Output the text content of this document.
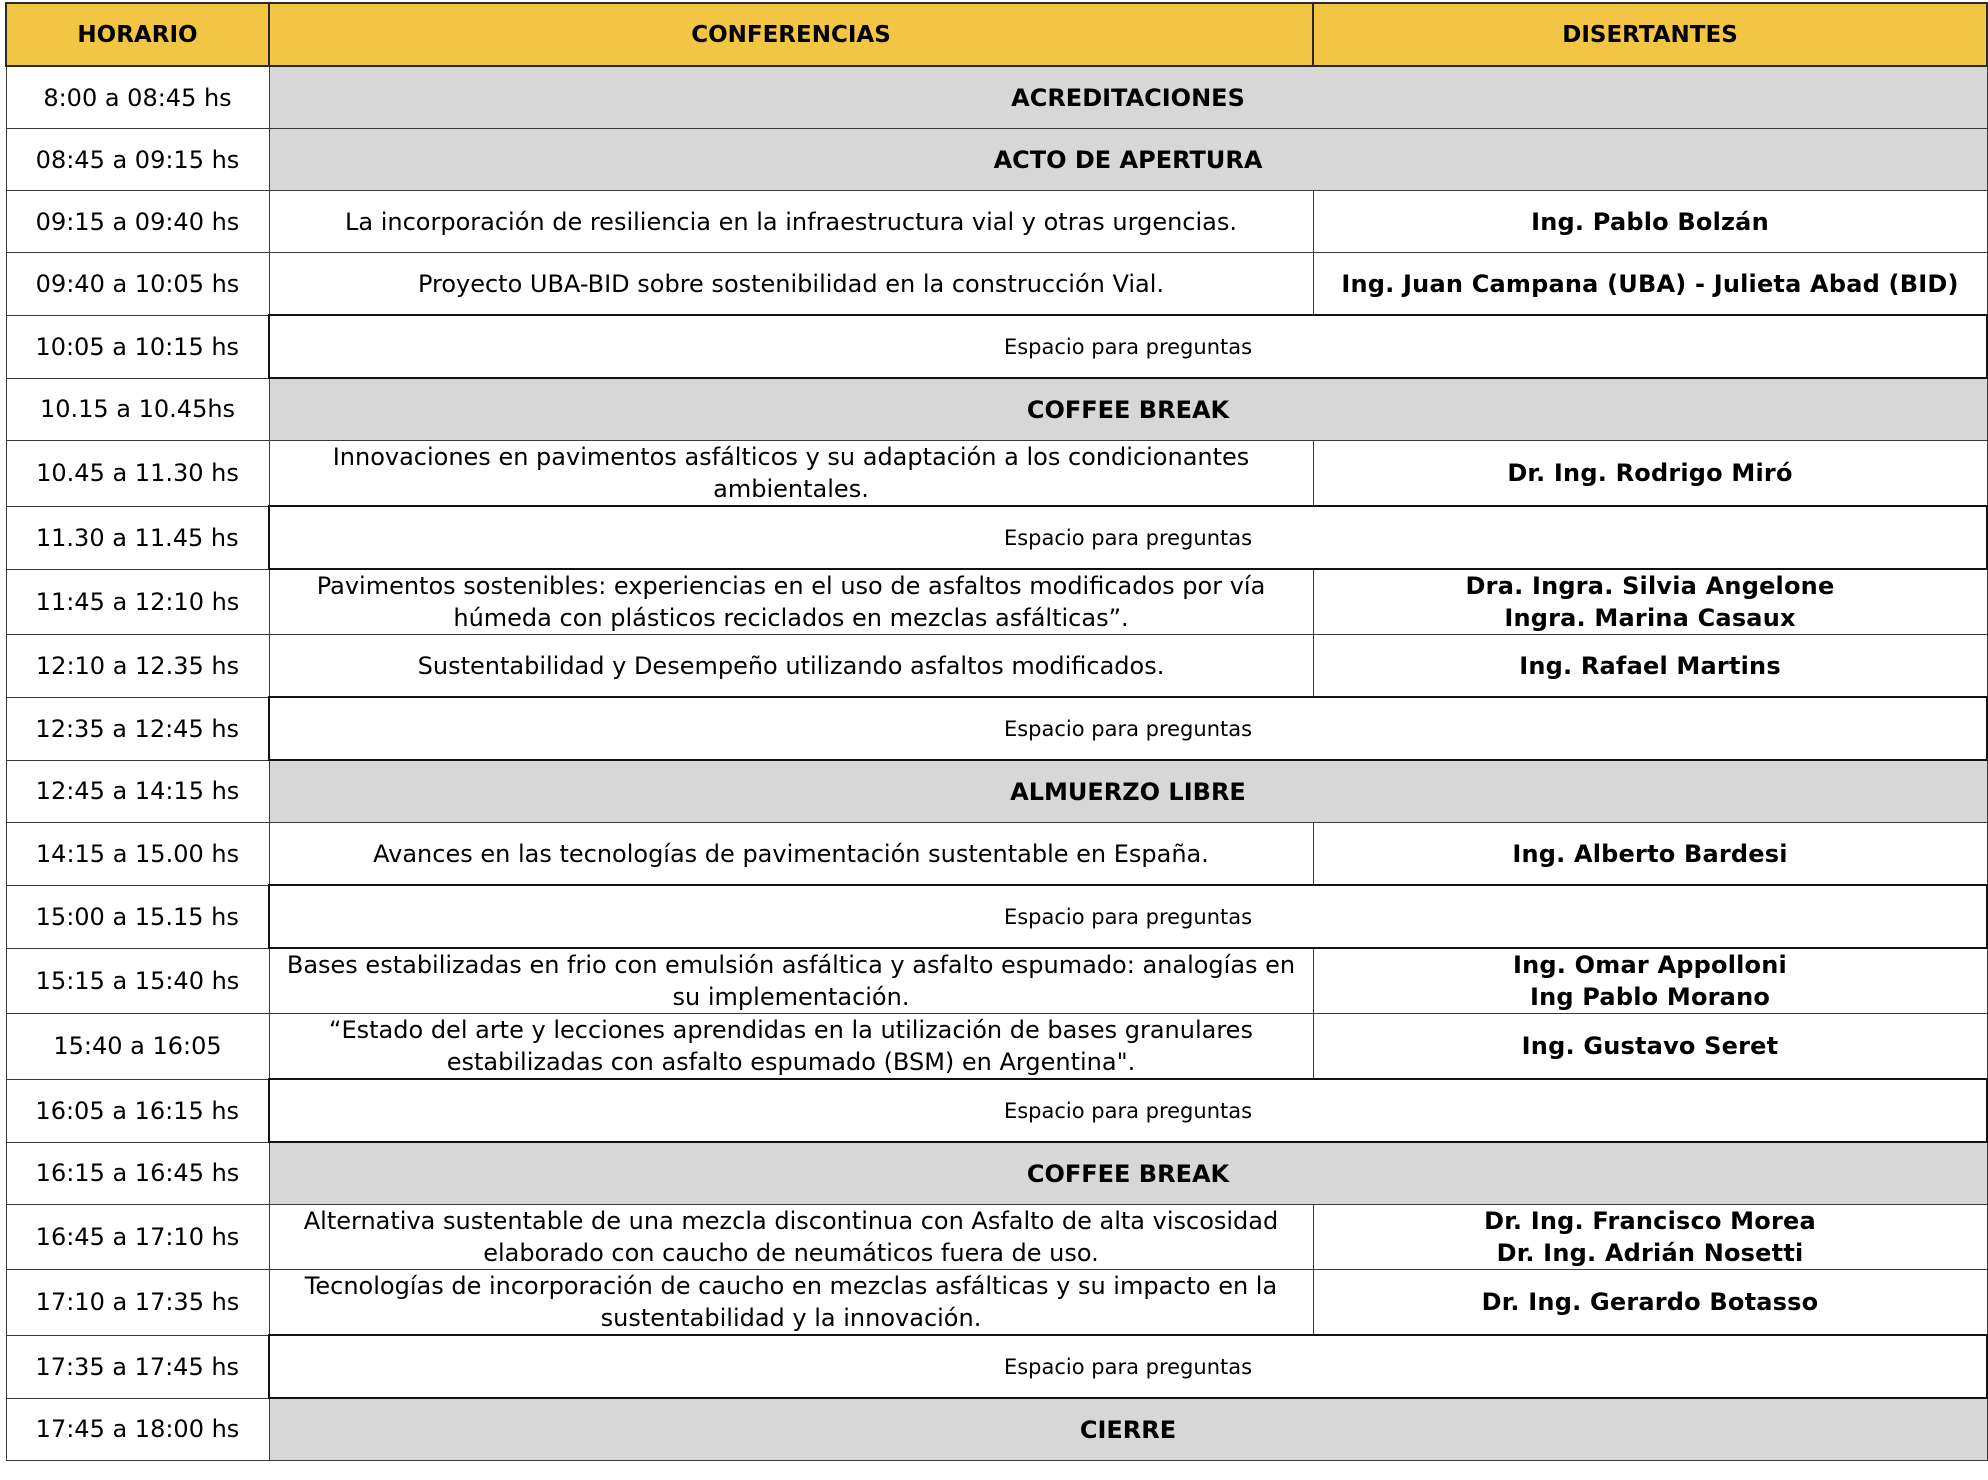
HORARIO	CONFERENCIAS	DISERTANTES
8:00 a 08:45 hs	ACREDITACIONES	
08:45 a 09:15 hs	ACTO DE APERTURA	
09:15 a 09:40 hs	La incorporación de resiliencia en la infraestructura vial y otras urgencias.	Ing. Pablo Bolzán

09:40 a 10:05 hs	Proyecto UBA-BID sobre sostenibilidad en la construcción Vial.	Ing. Juan Campana (UBA) - Julieta Abad (BID)

10:05 a 10:15 hs	Espacio para preguntas	
10.15 a 10.45hs	COFFEE BREAK	
10.45 a 11.30 hs	Innovaciones en pavimentos asfálticos y su adaptación a los condicionantes ambientales.	Dr. Ing. Rodrigo Miró

11.30 a 11.45 hs	Espacio para preguntas	
11:45 a 12:10 hs	Pavimentos sostenibles: experiencias en el uso de asfaltos modificados por vía húmeda con plásticos reciclados en mezclas asfálticas”.	Dra. Ingra. Silvia Angelone
Ingra. Marina Casaux

12:10 a 12.35 hs	Sustentabilidad y Desempeño utilizando asfaltos modificados.	Ing. Rafael Martins

12:35 a 12:45 hs	Espacio para preguntas	
12:45 a 14:15 hs	ALMUERZO LIBRE	
14:15 a 15.00 hs	Avances en las tecnologías de pavimentación sustentable en España.	Ing. Alberto Bardesi

15:00 a 15.15 hs	Espacio para preguntas	
15:15 a 15:40 hs	Bases estabilizadas en frio con emulsión asfáltica y asfalto espumado: analogías en su implementación.	Ing. Omar Appolloni
Ing Pablo Morano

15:40 a 16:05	“Estado del arte y lecciones aprendidas en la utilización de bases granulares estabilizadas con asfalto espumado (BSM) en Argentina".	Ing. Gustavo Seret

16:05 a 16:15 hs	Espacio para preguntas	
16:15 a 16:45 hs	COFFEE BREAK	
16:45 a 17:10 hs	Alternativa sustentable de una mezcla discontinua con Asfalto de alta viscosidad elaborado con caucho de neumáticos fuera de uso.	Dr. Ing. Francisco Morea
Dr. Ing. Adrián Nosetti

17:10 a 17:35 hs	Tecnologías de incorporación de caucho en mezclas asfálticas y su impacto en la sustentabilidad y la innovación.	Dr. Ing. Gerardo Botasso

17:35 a 17:45 hs	Espacio para preguntas	
17:45 a 18:00 hs	CIERRE	
